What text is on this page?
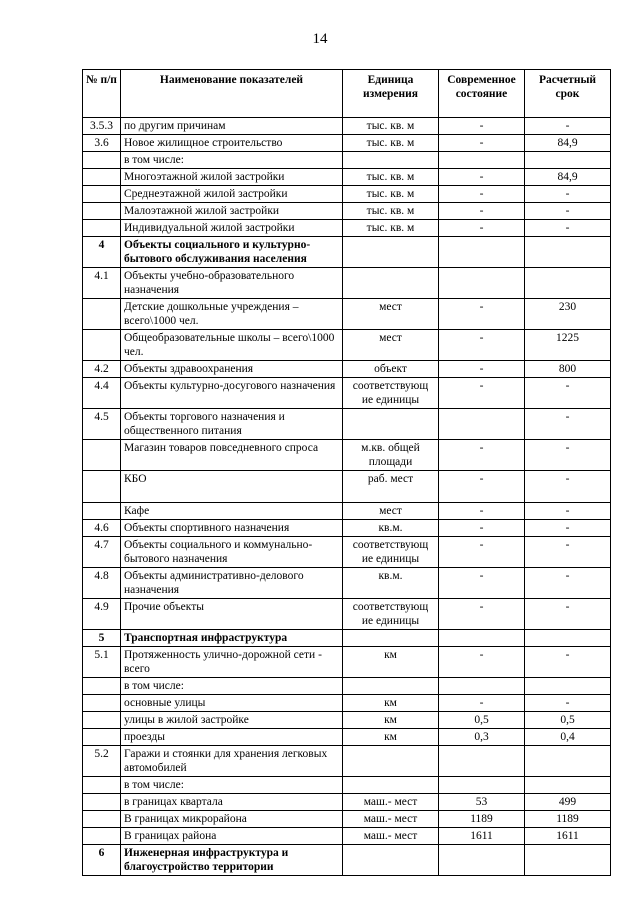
14
№ п/п	Наименование показателей	Единица измерения	Современное состояние	Расчетный срок
3.5.3	по другим причинам	тыс. кв. м	-	-
3.6	Новое жилищное строительство	тыс. кв. м	-	84,9
	в том числе:			
	Многоэтажной жилой застройки	тыс. кв. м	-	84,9
	Среднеэтажной жилой застройки	тыс. кв. м	-	-
	Малоэтажной жилой застройки	тыс. кв. м	-	-
	Индивидуальной жилой застройки	тыс. кв. м	-	-
4	Объекты социального и культурно-бытового обслуживания населения			
4.1	Объекты учебно-образовательного назначения			
	Детские дошкольные учреждения – всего\1000 чел.	мест	-	230
	Общеобразовательные школы – всего\1000 чел.	мест	-	1225
4.2	Объекты здравоохранения	объект	-	800
4.4	Объекты культурно-досугового назначения	соответствующ ие единицы	-	-
4.5	Объекты торгового назначения и общественного питания			-
	Магазин товаров повседневного спроса	м.кв. общей площади	-	-
	КБО	раб. мест	-	-
	Кафе	мест	-	-
4.6	Объекты спортивного назначения	кв.м.	-	-
4.7	Объекты социального и коммунально-бытового назначения	соответствующ ие единицы	-	-
4.8	Объекты административно-делового назначения	кв.м.	-	-
4.9	Прочие объекты	соответствующ ие единицы	-	-
5	Транспортная инфраструктура			
5.1	Протяженность улично-дорожной сети - всего	км	-	-
	в том числе:			
	основные улицы	км	-	-
	улицы в жилой застройке	км	0,5	0,5
	проезды	км	0,3	0,4
5.2	Гаражи и стоянки для хранения легковых автомобилей			
	в том числе:			
	в границах квартала	маш.- мест	53	499
	В границах микрорайона	маш.- мест	1189	1189
	В границах района	маш.- мест	1611	1611
6	Инженерная инфраструктура и благоустройство территории			
